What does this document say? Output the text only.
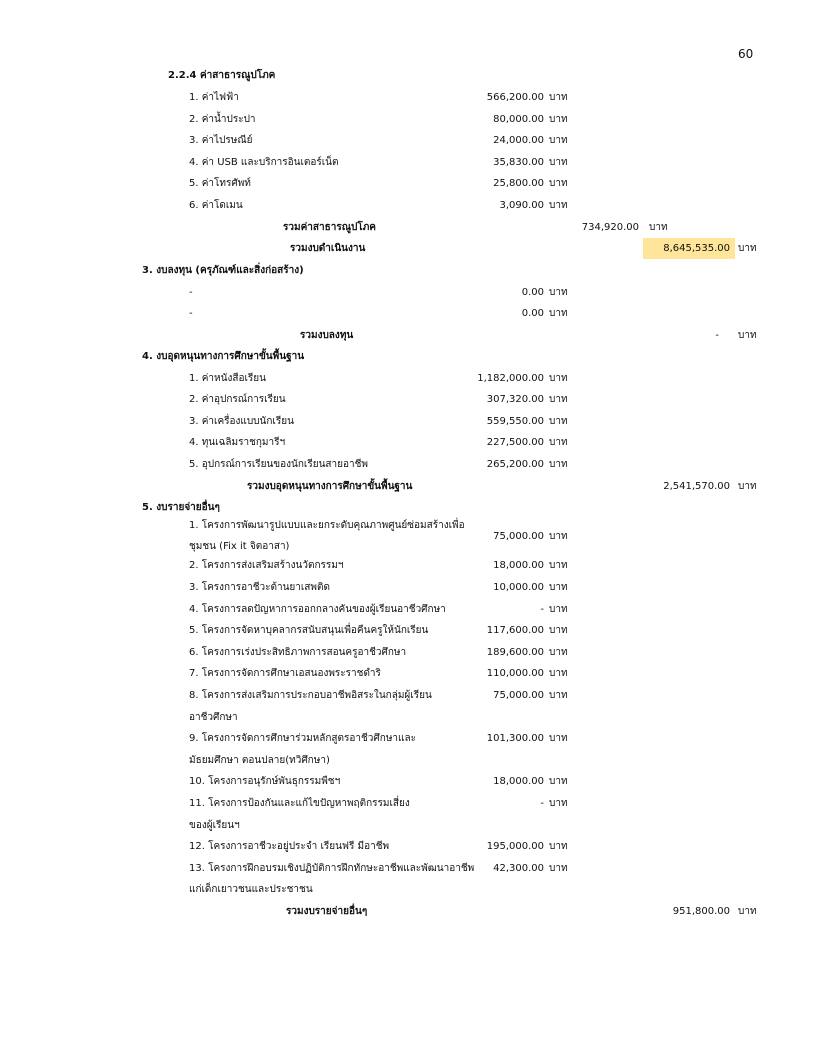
60
2.2.4 ค่าสาธารณูปโภค
1. ค่าไฟฟ้า	566,200.00 บาท
2. ค่าน้ำประปา	80,000.00 บาท
3. ค่าไปรษณีย์	24,000.00 บาท
4. ค่า USB และบริการอินเตอร์เน็ต	35,830.00 บาท
5. ค่าโทรศัพท์	25,800.00 บาท
6. ค่าโดเมน	3,090.00 บาท
รวมค่าสาธารณูปโภค	734,920.00 บาท
รวมงบดำเนินงาน	8,645,535.00 บาท
3. งบลงทุน (ครุภัณฑ์และสิ่งก่อสร้าง)
-	0.00 บาท
-	0.00 บาท
รวมงบลงทุน	- บาท
4. งบอุดหนุนทางการศึกษาขั้นพื้นฐาน
1. ค่าหนังสือเรียน	1,182,000.00 บาท
2. ค่าอุปกรณ์การเรียน	307,320.00 บาท
3. ค่าเครื่องแบบนักเรียน	559,550.00 บาท
4. ทุนเฉลิมราชกุมารีฯ	227,500.00 บาท
5. อุปกรณ์การเรียนของนักเรียนสายอาชีพ	265,200.00 บาท
รวมงบอุดหนุนทางการศึกษาขั้นพื้นฐาน	2,541,570.00 บาท
5. งบรายจ่ายอื่นๆ
1. โครงการพัฒนารูปแบบและยกระดับคุณภาพศูนย์ซ่อมสร้างเพื่อ
ชุมชน (Fix it จิตอาสา)
75,000.00 บาท
2. โครงการส่งเสริมสร้างนวัตกรรมฯ	18,000.00 บาท
3. โครงการอาชีวะต้านยาเสพติด	10,000.00 บาท
4. โครงการลดปัญหาการออกกลางคันของผู้เรียนอาชีวศึกษา	- บาท
5. โครงการจัดหาบุคลากรสนับสนุนเพื่อคืนครูให้นักเรียน	117,600.00 บาท
6. โครงการเร่งประสิทธิภาพการสอนครูอาชีวศึกษา	189,600.00 บาท
7. โครงการจัดการศึกษาเอสนองพระราชดำริ	110,000.00 บาท
8. โครงการส่งเสริมการประกอบอาชีพอิสระในกลุ่มผู้เรียน	75,000.00 บาท
อาชีวศึกษา
9. โครงการจัดการศึกษาร่วมหลักสูตรอาชีวศึกษาและ	101,300.00 บาท
มัธยมศึกษา ตอนปลาย(ทวิศึกษา)
10. โครงการอนุรักษ์พันธุกรรมพืชฯ	18,000.00 บาท
11. โครงการป้องกันและแก้ไขปัญหาพฤติกรรมเสี่ยง	- บาท
ของผู้เรียนฯ
12. โครงการอาชีวะอยู่ประจำ เรียนฟรี มีอาชีพ	195,000.00 บาท
13. โครงการฝึกอบรมเชิงปฏิบัติการฝึกทักษะอาชีพและพัฒนาอาชีพ 42,300.00 บาท
แก่เด็กเยาวชนและประชาชน
รวมงบรายจ่ายอื่นๆ	951,800.00 บาท
